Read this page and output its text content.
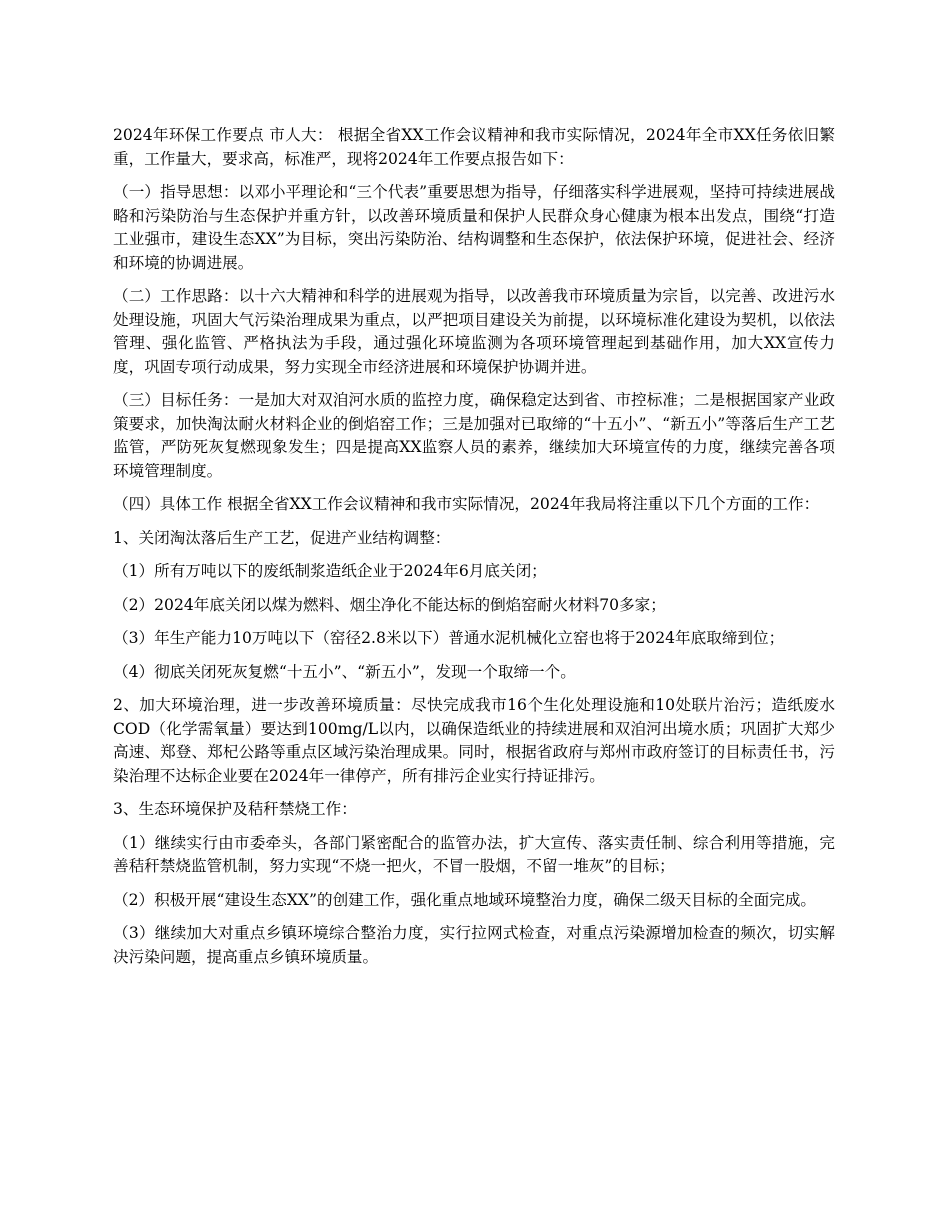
2024年环保工作要点 市人大： 根据全省XX工作会议精神和我市实际情况，2024年全市XX任务依旧繁重，工作量大，要求高，标准严，现将2024年工作要点报告如下：

（一）指导思想：以邓小平理论和“三个代表”重要思想为指导，仔细落实科学进展观，坚持可持续进展战略和污染防治与生态保护并重方针，以改善环境质量和保护人民群众身心健康为根本出发点，围绕“打造工业强市，建设生态XX”为目标，突出污染防治、结构调整和生态保护，依法保护环境，促进社会、经济和环境的协调进展。

（二）工作思路：以十六大精神和科学的进展观为指导，以改善我市环境质量为宗旨，以完善、改进污水处理设施，巩固大气污染治理成果为重点，以严把项目建设关为前提，以环境标准化建设为契机，以依法管理、强化监管、严格执法为手段，通过强化环境监测为各项环境管理起到基础作用，加大XX宣传力度，巩固专项行动成果，努力实现全市经济进展和环境保护协调并进。

（三）目标任务：一是加大对双洎河水质的监控力度，确保稳定达到省、市控标准；二是根据国家产业政策要求，加快淘汰耐火材料企业的倒焰窑工作；三是加强对已取缔的“十五小”、“新五小”等落后生产工艺监管，严防死灰复燃现象发生；四是提高XX监察人员的素养，继续加大环境宣传的力度，继续完善各项环境管理制度。

（四）具体工作 根据全省XX工作会议精神和我市实际情况，2024年我局将注重以下几个方面的工作：

1、关闭淘汰落后生产工艺，促进产业结构调整：

（1）所有万吨以下的废纸制浆造纸企业于2024年6月底关闭；

（2）2024年底关闭以煤为燃料、烟尘净化不能达标的倒焰窑耐火材料70多家；

（3）年生产能力10万吨以下（窑径2.8米以下）普通水泥机械化立窑也将于2024年底取缔到位；

（4）彻底关闭死灰复燃“十五小”、“新五小”，发现一个取缔一个。

2、加大环境治理，进一步改善环境质量：尽快完成我市16个生化处理设施和10处联片治污；造纸废水COD（化学需氧量）要达到100mg/L以内，以确保造纸业的持续进展和双洎河出境水质；巩固扩大郑少高速、郑登、郑杞公路等重点区域污染治理成果。同时，根据省政府与郑州市政府签订的目标责任书，污染治理不达标企业要在2024年一律停产，所有排污企业实行持证排污。

3、生态环境保护及秸秆禁烧工作：

（1）继续实行由市委牵头，各部门紧密配合的监管办法，扩大宣传、落实责任制、综合利用等措施，完善秸秆禁烧监管机制，努力实现“不烧一把火，不冒一股烟，不留一堆灰”的目标；

（2）积极开展“建设生态XX”的创建工作，强化重点地域环境整治力度，确保二级天目标的全面完成。

（3）继续加大对重点乡镇环境综合整治力度，实行拉网式检查，对重点污染源增加检查的频次，切实解决污染问题，提高重点乡镇环境质量。
